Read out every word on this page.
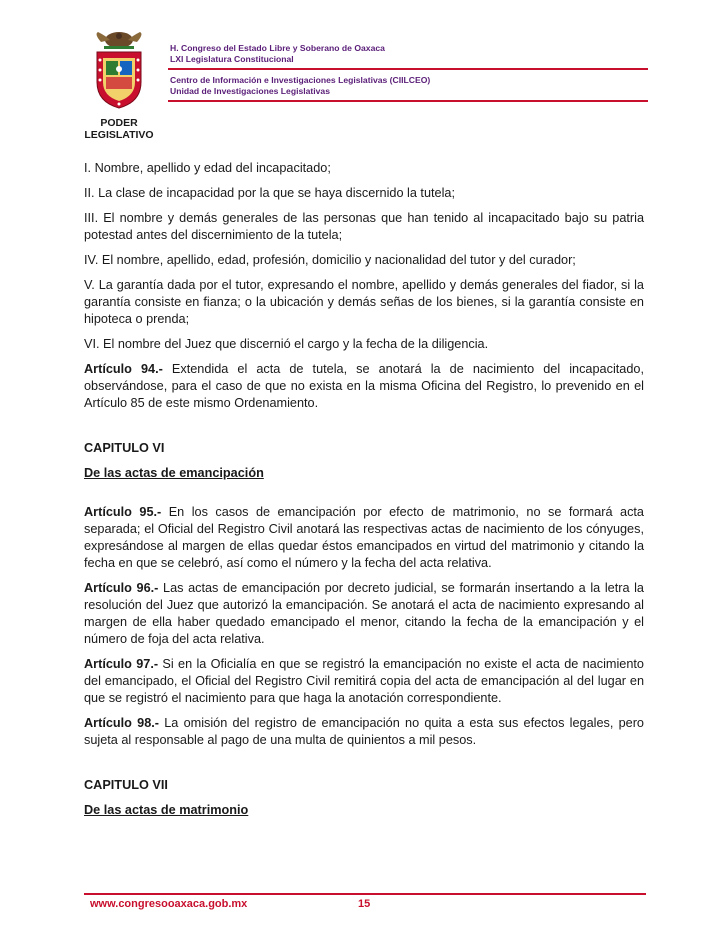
H. Congreso del Estado Libre y Soberano de Oaxaca
LXI Legislatura Constitucional
Centro de Información e Investigaciones Legislativas (CIILCEO)
Unidad de Investigaciones Legislativas
PODER
LEGISLATIVO

I. Nombre, apellido y edad del incapacitado;

II. La clase de incapacidad por la que se haya discernido la tutela;

III. El nombre y demás generales de las personas que han tenido al incapacitado bajo su patria potestad antes del discernimiento de la tutela;

IV. El nombre, apellido, edad, profesión, domicilio y nacionalidad del tutor y del curador;

V. La garantía dada por el tutor, expresando el nombre, apellido y demás generales del fiador, si la garantía consiste en fianza; o la ubicación y demás señas de los bienes, si la garantía consiste en hipoteca o prenda;

VI. El nombre del Juez que discernió el cargo y la fecha de la diligencia.

Artículo 94.- Extendida el acta de tutela, se anotará la de nacimiento del incapacitado, observándose, para el caso de que no exista en la misma Oficina del Registro, lo prevenido en el Artículo 85 de este mismo Ordenamiento.

CAPITULO VI

De las actas de emancipación

Artículo 95.- En los casos de emancipación por efecto de matrimonio, no se formará acta separada; el Oficial del Registro Civil anotará las respectivas actas de nacimiento de los cónyuges, expresándose al margen de ellas quedar éstos emancipados en virtud del matrimonio y citando la fecha en que se celebró, así como el número y la fecha del acta relativa.

Artículo 96.- Las actas de emancipación por decreto judicial, se formarán insertando a la letra la resolución del Juez que autorizó la emancipación. Se anotará el acta de nacimiento expresando al margen de ella haber quedado emancipado el menor, citando la fecha de la emancipación y el número de foja del acta relativa.

Artículo 97.- Si en la Oficialía en que se registró la emancipación no existe el acta de nacimiento del emancipado, el Oficial del Registro Civil remitirá copia del acta de emancipación al del lugar en que se registró el nacimiento para que haga la anotación correspondiente.

Artículo 98.- La omisión del registro de emancipación no quita a esta sus efectos legales, pero sujeta al responsable al pago de una multa de quinientos a mil pesos.

CAPITULO VII

De las actas de matrimonio

www.congresooaxaca.gob.mx	15
